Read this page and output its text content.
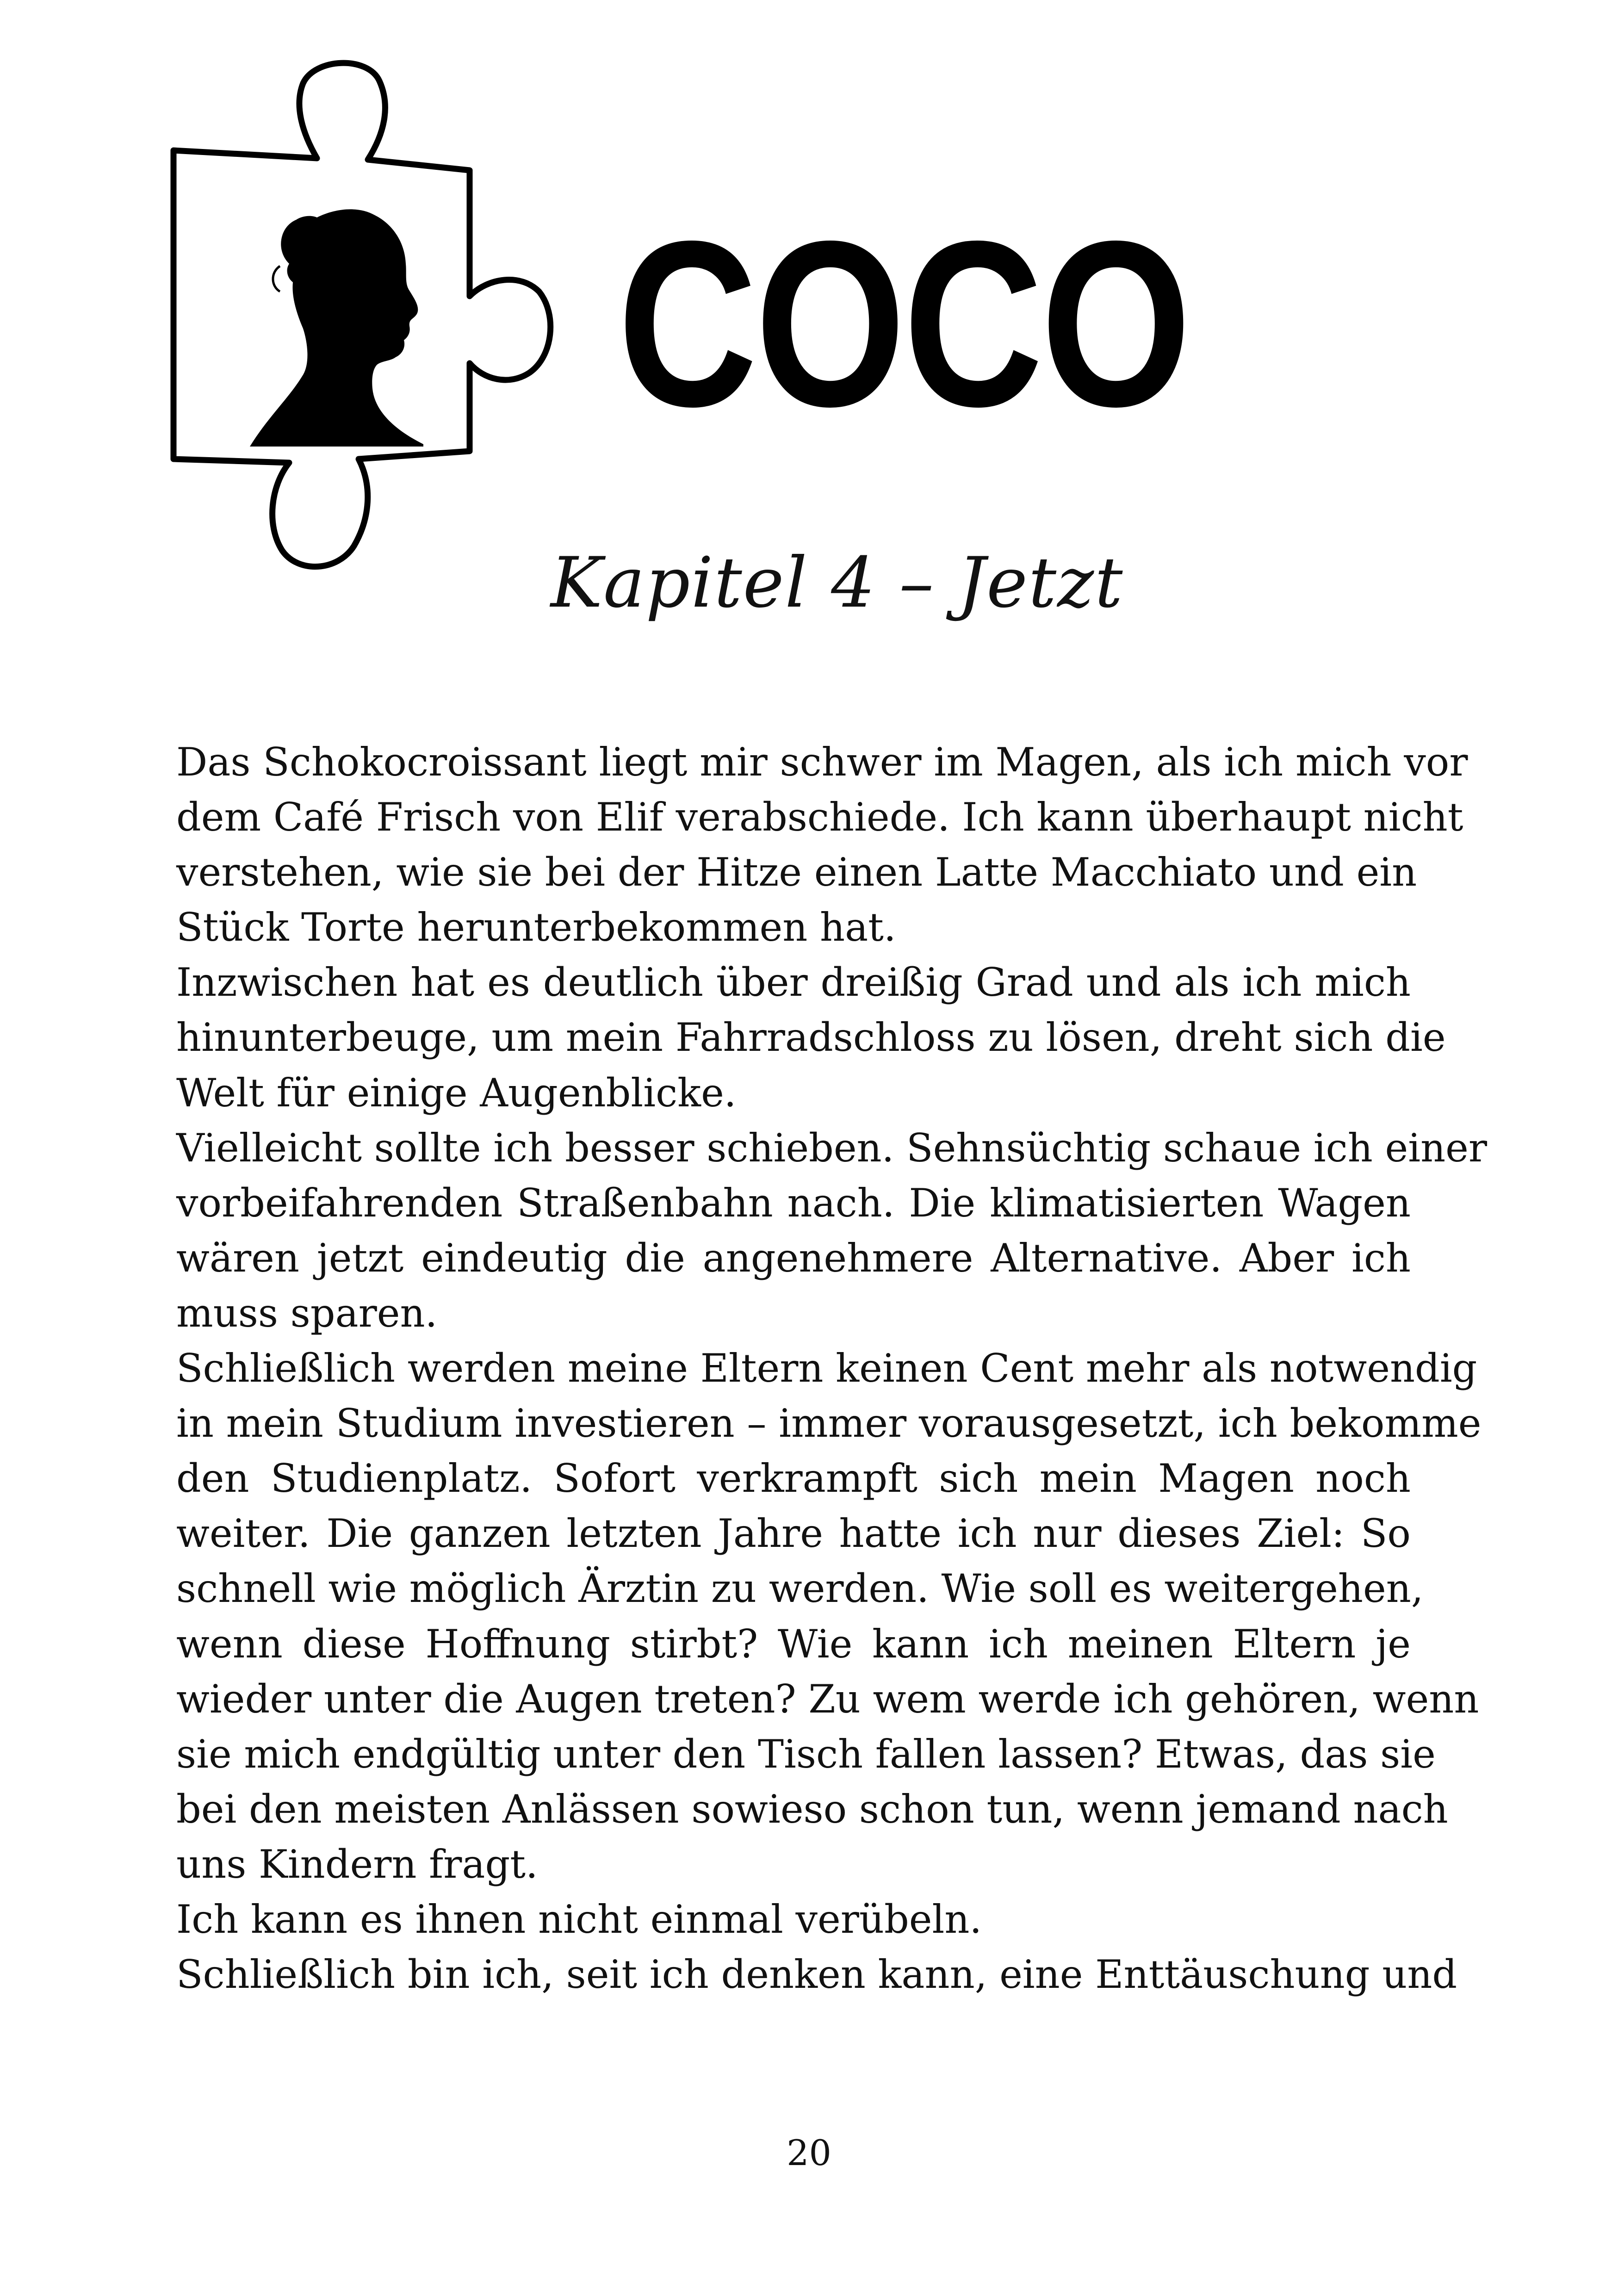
COCO
Kapitel 4 – Jetzt
Das Schokocroissant liegt mir schwer im Magen, als ich mich vor
dem Café Frisch von Elif verabschiede. Ich kann überhaupt nicht
verstehen, wie sie bei der Hitze einen Latte Macchiato und ein
Stück Torte herunterbekommen hat.
Inzwischen hat es deutlich über dreißig Grad und als ich mich
hinunterbeuge, um mein Fahrradschloss zu lösen, dreht sich die
Welt für einige Augenblicke.
Vielleicht sollte ich besser schieben. Sehnsüchtig schaue ich einer
vorbeifahrenden Straßenbahn nach. Die klimatisierten Wagen
wären jetzt eindeutig die angenehmere Alternative. Aber ich
muss sparen.
Schließlich werden meine Eltern keinen Cent mehr als notwendig
in mein Studium investieren – immer vorausgesetzt, ich bekomme
den Studienplatz. Sofort verkrampft sich mein Magen noch
weiter. Die ganzen letzten Jahre hatte ich nur dieses Ziel: So
schnell wie möglich Ärztin zu werden. Wie soll es weitergehen,
wenn diese Hoffnung stirbt? Wie kann ich meinen Eltern je
wieder unter die Augen treten? Zu wem werde ich gehören, wenn
sie mich endgültig unter den Tisch fallen lassen? Etwas, das sie
bei den meisten Anlässen sowieso schon tun, wenn jemand nach
uns Kindern fragt.
Ich kann es ihnen nicht einmal verübeln.
Schließlich bin ich, seit ich denken kann, eine Enttäuschung und
20
